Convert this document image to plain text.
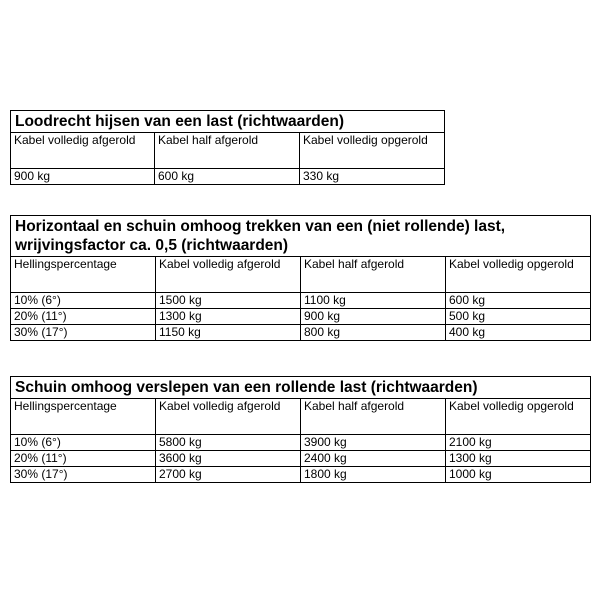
Loodrecht hijsen van een last (richtwaarden)		
Kabel volledig afgerold	Kabel half afgerold	Kabel volledig opgerold
900 kg	600 kg	330 kg
Horizontaal en schuin omhoog trekken van een (niet rollende) last, wrijvingsfactor ca. 0,5 (richtwaarden)			
Hellingspercentage	Kabel volledig afgerold	Kabel half afgerold	Kabel volledig opgerold
10% (6°)	1500 kg	1100 kg	600 kg
20% (11°)	1300 kg	900 kg	500 kg
30% (17°)	1150 kg	800 kg	400 kg
Schuin omhoog verslepen van een rollende last (richtwaarden)			
Hellingspercentage	Kabel volledig afgerold	Kabel half afgerold	Kabel volledig opgerold
10% (6°)	5800 kg	3900 kg	2100 kg
20% (11°)	3600 kg	2400 kg	1300 kg
30% (17°)	2700 kg	1800 kg	1000 kg
